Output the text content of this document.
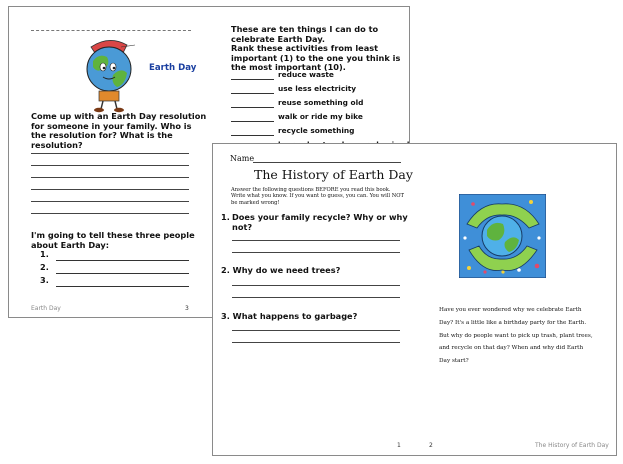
Earth Day
Come up with an Earth Day resolution
for someone in your family. Who is
the resolution for? What is the
resolution?
I'm going to tell these three people
about Earth Day:
1.
2.
3.
These are ten things I can do to
celebrate Earth Day.
Rank these activities from least
important (1) to the one you think is
the most important (10).
reduce waste
use less electricity
reuse something old
walk or ride my bike
recycle something
Earth Day	3
Name
The History of Earth Day
Answer the following questions BEFORE you read this book.
Write what you know. If you want to guess, you can. You will NOT
be marked wrong!
1. Does your family recycle? Why or why
not?
2. Why do we need trees?
3. What happens to garbage?
Have you ever wondered why we celebrate Earth
Day? It's a little like a birthday party for the Earth.
But why do people want to pick up trash, plant trees,
and recycle on that day? When and why did Earth
Day start?
1	2	The History of Earth Day
